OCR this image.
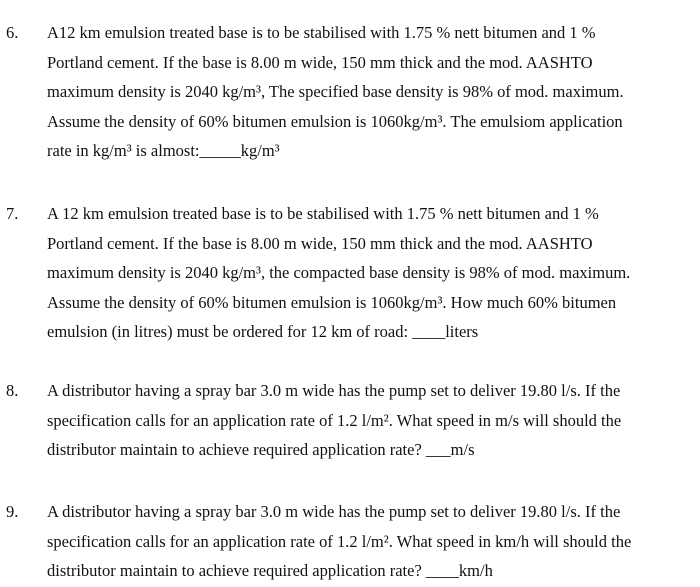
6. A12 km emulsion treated base is to be stabilised with 1.75 % nett bitumen and 1 %
Portland cement. If the base is 8.00 m wide, 150 mm thick and the mod. AASHTO
maximum density is 2040 kg/m³, The specified base density is 98% of mod. maximum.
Assume the density of 60% bitumen emulsion is 1060kg/m³. The emulsiom application
rate in kg/m³ is almost:_____kg/m³
7. A 12 km emulsion treated base is to be stabilised with 1.75 % nett bitumen and 1 %
Portland cement. If the base is 8.00 m wide, 150 mm thick and the mod. AASHTO
maximum density is 2040 kg/m³, the compacted base density is 98% of mod. maximum.
Assume the density of 60% bitumen emulsion is 1060kg/m³. How much 60% bitumen
emulsion (in litres) must be ordered for 12 km of road: ____liters
8. A distributor having a spray bar 3.0 m wide has the pump set to deliver 19.80 l/s. If the
specification calls for an application rate of 1.2 l/m². What speed in m/s will should the
distributor maintain to achieve required application rate? ___m/s
9. A distributor having a spray bar 3.0 m wide has the pump set to deliver 19.80 l/s. If the
specification calls for an application rate of 1.2 l/m². What speed in km/h will should the
distributor maintain to achieve required application rate? ____km/h
